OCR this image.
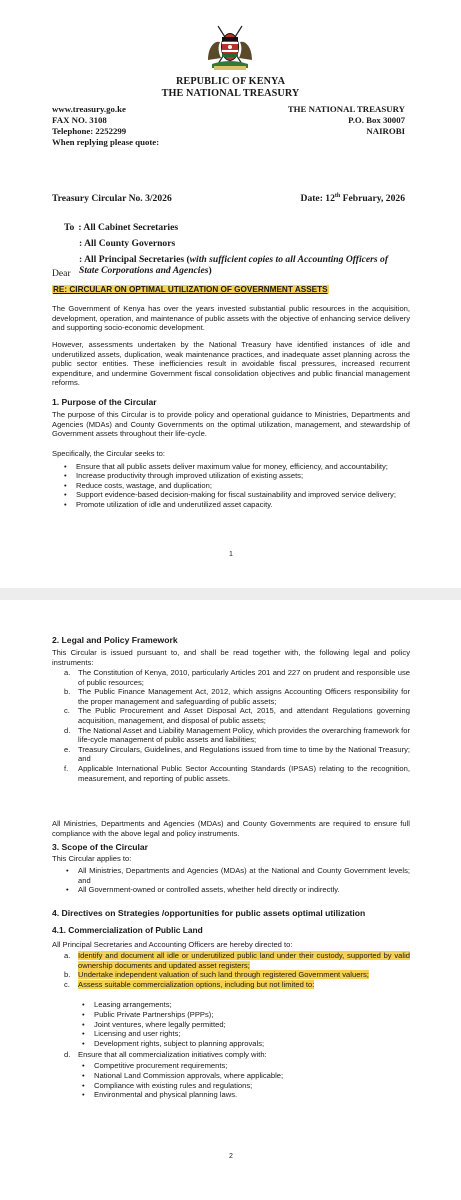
REPUBLIC OF KENYA
THE NATIONAL TREASURY
www.treasury.go.ke
FAX NO. 3108
Telephone: 2252299
When replying please quote:
THE NATIONAL TREASURY
P.O. Box 30007
NAIROBI
Treasury Circular No. 3/2026	Date: 12th February, 2026
To : All Cabinet Secretaries
: All County Governors
: All Principal Secretaries (with sufficient copies to all Accounting Officers of State Corporations and Agencies)
Dear
RE: CIRCULAR ON OPTIMAL UTILIZATION OF GOVERNMENT ASSETS
The Government of Kenya has over the years invested substantial public resources in the acquisition, development, operation, and maintenance of public assets with the objective of enhancing service delivery and supporting socio-economic development.
However, assessments undertaken by the National Treasury have identified instances of idle and underutilized assets, duplication, weak maintenance practices, and inadequate asset planning across the public sector entities. These inefficiencies result in avoidable fiscal pressures, increased recurrent expenditure, and undermine Government fiscal consolidation objectives and public financial management reforms.
1. Purpose of the Circular
The purpose of this Circular is to provide policy and operational guidance to Ministries, Departments and Agencies (MDAs) and County Governments on the optimal utilization, management, and stewardship of Government assets throughout their life-cycle.
Specifically, the Circular seeks to:
• Ensure that all public assets deliver maximum value for money, efficiency, and accountability;
• Increase productivity through improved utilization of existing assets;
• Reduce costs, wastage, and duplication;
• Support evidence-based decision-making for fiscal sustainability and improved service delivery;
• Promote utilization of idle and underutilized asset capacity.
1
2. Legal and Policy Framework
This Circular is issued pursuant to, and shall be read together with, the following legal and policy instruments:
a. The Constitution of Kenya, 2010, particularly Articles 201 and 227 on prudent and responsible use of public resources;
b. The Public Finance Management Act, 2012, which assigns Accounting Officers responsibility for the proper management and safeguarding of public assets;
c. The Public Procurement and Asset Disposal Act, 2015, and attendant Regulations governing acquisition, management, and disposal of public assets;
d. The National Asset and Liability Management Policy, which provides the overarching framework for life-cycle management of public assets and liabilities;
e. Treasury Circulars, Guidelines, and Regulations issued from time to time by the National Treasury; and
f. Applicable International Public Sector Accounting Standards (IPSAS) relating to the recognition, measurement, and reporting of public assets.
All Ministries, Departments and Agencies (MDAs) and County Governments are required to ensure full compliance with the above legal and policy instruments.
3. Scope of the Circular
This Circular applies to:
• All Ministries, Departments and Agencies (MDAs) at the National and County Government levels; and
• All Government-owned or controlled assets, whether held directly or indirectly.
4. Directives on Strategies /opportunities for public assets optimal utilization
4.1. Commercialization of Public Land
All Principal Secretaries and Accounting Officers are hereby directed to:
a. Identify and document all idle or underutilized public land under their custody, supported by valid ownership documents and updated asset registers;
b. Undertake independent valuation of such land through registered Government valuers;
c. Assess suitable commercialization options, including but not limited to:
• Leasing arrangements;
• Public Private Partnerships (PPPs);
• Joint ventures, where legally permitted;
• Licensing and user rights;
• Development rights, subject to planning approvals;
d. Ensure that all commercialization initiatives comply with:
• Competitive procurement requirements;
• National Land Commission approvals, where applicable;
• Compliance with existing rules and regulations;
• Environmental and physical planning laws.
2
